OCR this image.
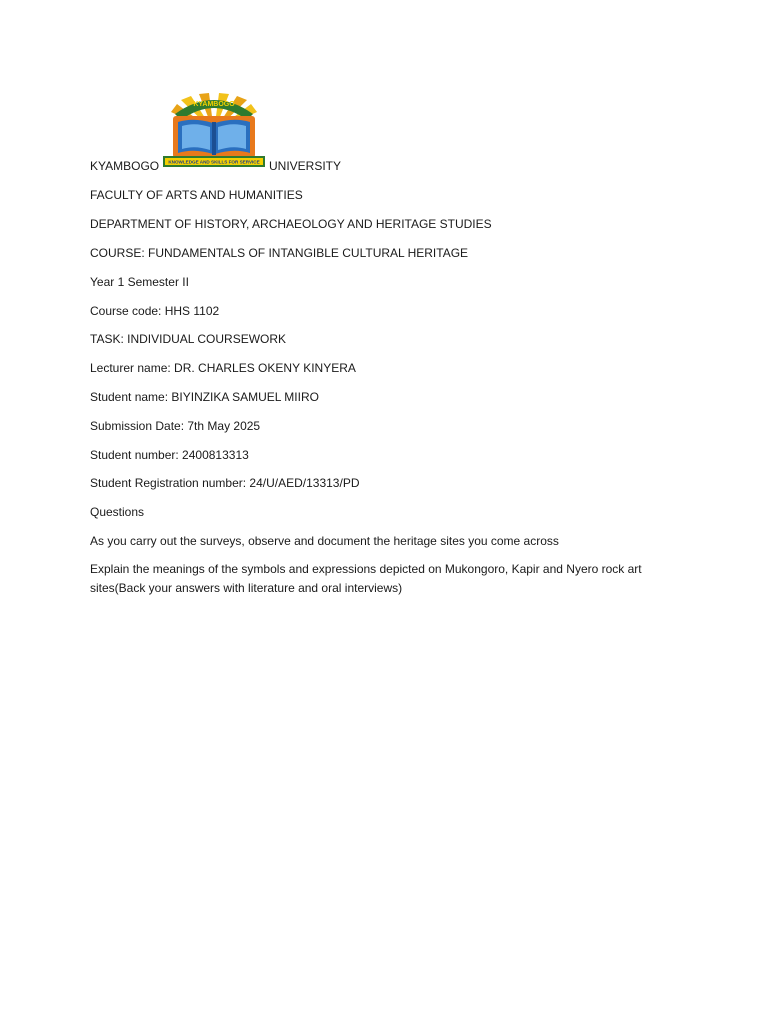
KYAMBOGO
KYAMBOGO
KNOWLEDGE AND SKILLS FOR SERVICE UNIVERSITY
FACULTY OF ARTS AND HUMANITIES
DEPARTMENT OF HISTORY, ARCHAEOLOGY AND HERITAGE STUDIES
COURSE: FUNDAMENTALS OF INTANGIBLE CULTURAL HERITAGE
Year 1 Semester II
Course code: HHS 1102
TASK: INDIVIDUAL COURSEWORK
Lecturer name: DR. CHARLES OKENY KINYERA
Student name: BIYINZIKA SAMUEL MIIRO
Submission Date: 7th May 2025
Student number: 2400813313
Student Registration number: 24/U/AED/13313/PD
Questions
As you carry out the surveys, observe and document the heritage sites you come across
Explain the meanings of the symbols and expressions depicted on Mukongoro, Kapir and Nyero rock art sites(Back your answers with literature and oral interviews)
